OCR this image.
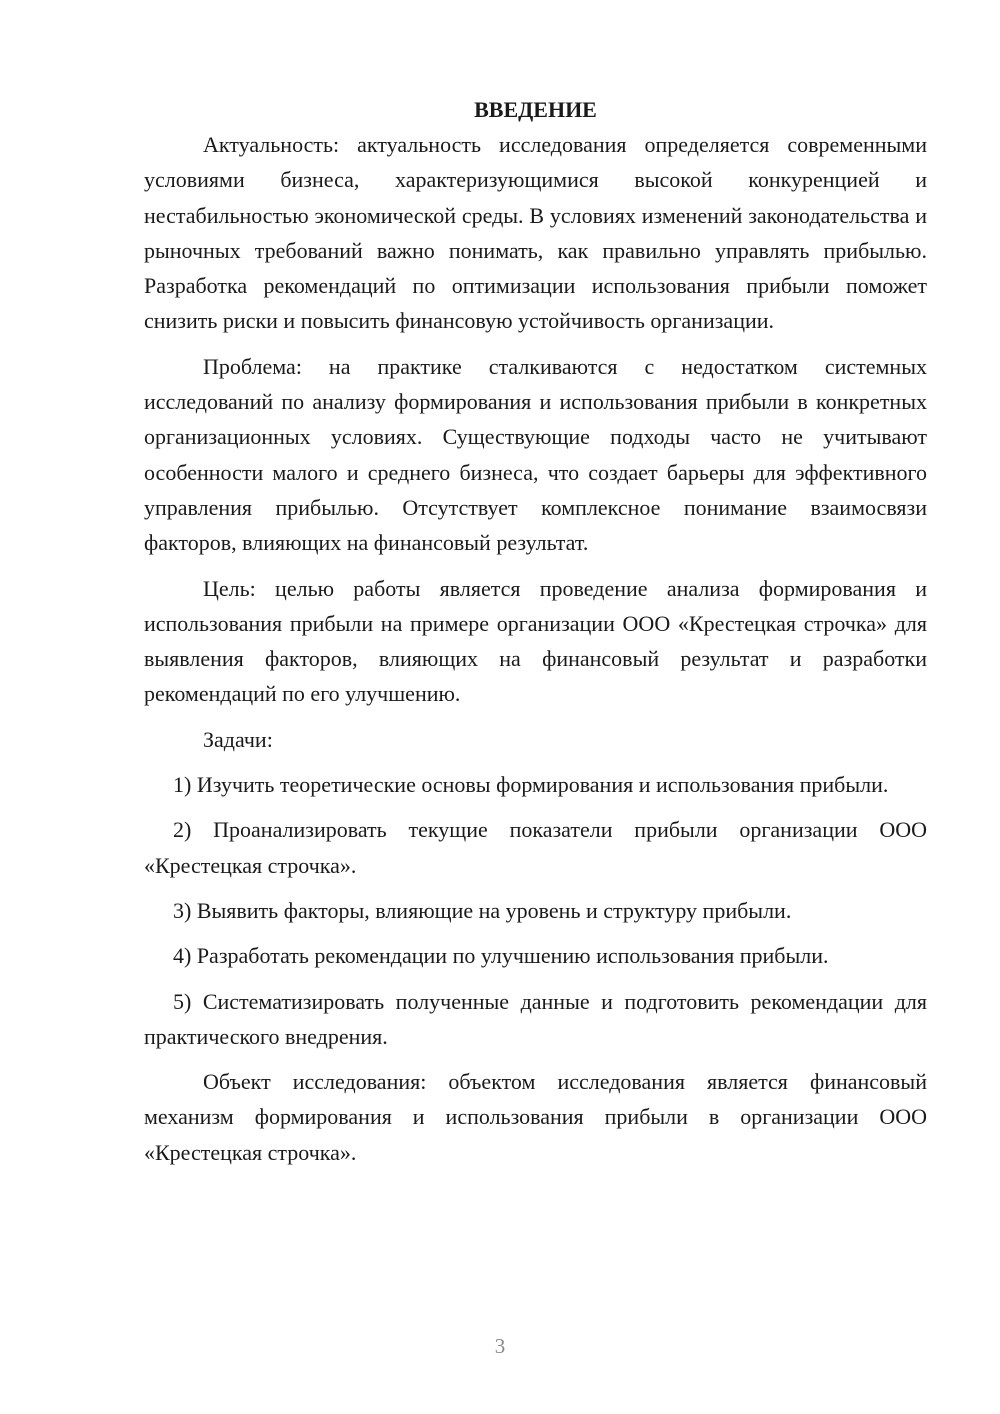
ВВЕДЕНИЕ

Актуальность: актуальность исследования определяется современными условиями бизнеса, характеризующимися высокой конкуренцией и нестабильностью экономической среды. В условиях изменений законодательства и рыночных требований важно понимать, как правильно управлять прибылью. Разработка рекомендаций по оптимизации использования прибыли поможет снизить риски и повысить финансовую устойчивость организации.

Проблема: на практике сталкиваются с недостатком системных исследований по анализу формирования и использования прибыли в конкретных организационных условиях. Существующие подходы часто не учитывают особенности малого и среднего бизнеса, что создает барьеры для эффективного управления прибылью. Отсутствует комплексное понимание взаимосвязи факторов, влияющих на финансовый результат.

Цель: целью работы является проведение анализа формирования и использования прибыли на примере организации ООО «Крестецкая строчка» для выявления факторов, влияющих на финансовый результат и разработки рекомендаций по его улучшению.

Задачи:

1) Изучить теоретические основы формирования и использования прибыли.

2) Проанализировать текущие показатели прибыли организации ООО «Крестецкая строчка».

3) Выявить факторы, влияющие на уровень и структуру прибыли.

4) Разработать рекомендации по улучшению использования прибыли.

5) Систематизировать полученные данные и подготовить рекомендации для практического внедрения.

Объект исследования: объектом исследования является финансовый механизм формирования и использования прибыли в организации ООО «Крестецкая строчка».

3
